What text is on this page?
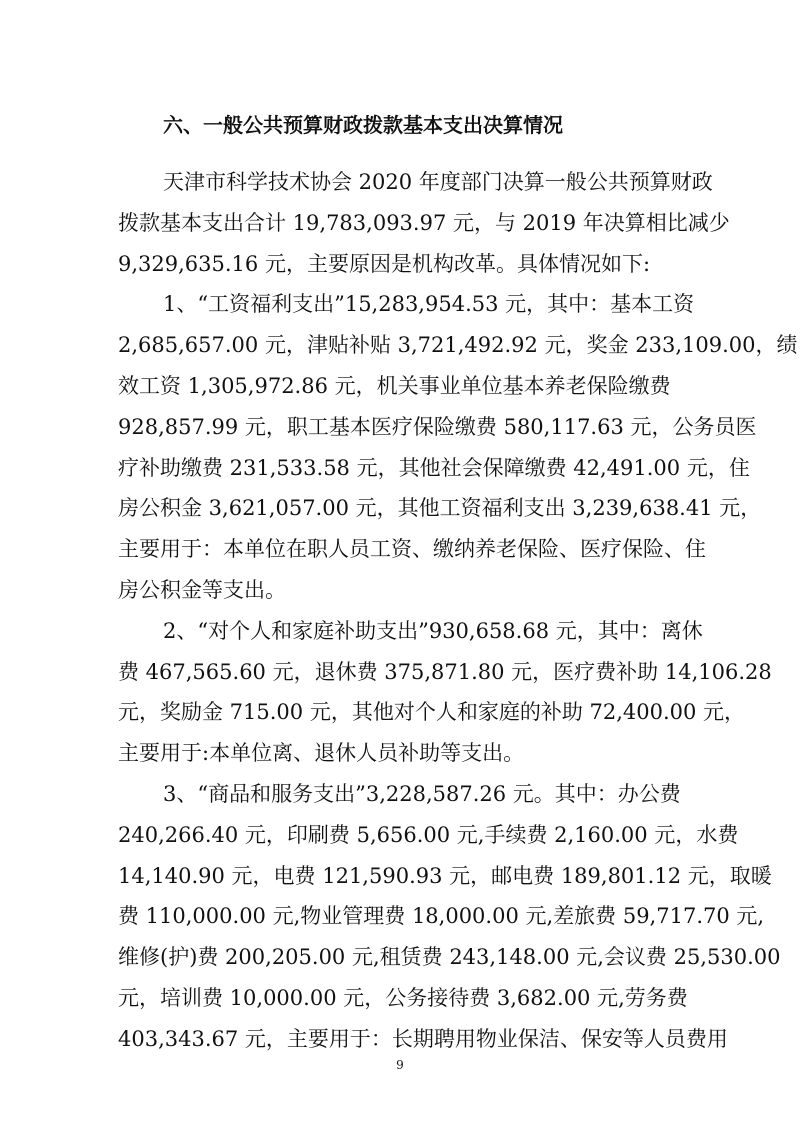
六、一般公共预算财政拨款基本支出决算情况
天津市科学技术协会 2020 年度部门决算一般公共预算财政
拨款基本支出合计 19,783,093.97 元，与 2019 年决算相比减少
9,329,635.16 元，主要原因是机构改革。具体情况如下:
1、“工资福利支出”15,283,954.53 元，其中：基本工资
2,685,657.00 元，津贴补贴 3,721,492.92 元，奖金 233,109.00，绩
效工资 1,305,972.86 元，机关事业单位基本养老保险缴费
928,857.99 元，职工基本医疗保险缴费 580,117.63 元，公务员医
疗补助缴费 231,533.58 元，其他社会保障缴费 42,491.00 元，住
房公积金 3,621,057.00 元，其他工资福利支出 3,239,638.41 元，
主要用于：本单位在职人员工资、缴纳养老保险、医疗保险、住
房公积金等支出。
2、“对个人和家庭补助支出”930,658.68 元，其中：离休
费 467,565.60 元，退休费 375,871.80 元，医疗费补助 14,106.28
元，奖励金 715.00 元，其他对个人和家庭的补助 72,400.00 元，
主要用于:本单位离、退休人员补助等支出。
3、“商品和服务支出”3,228,587.26 元。其中：办公费
240,266.40 元，印刷费 5,656.00 元,手续费 2,160.00 元，水费
14,140.90 元，电费 121,590.93 元，邮电费 189,801.12 元，取暖
费 110,000.00 元,物业管理费 18,000.00 元,差旅费 59,717.70 元,
维修(护)费 200,205.00 元,租赁费 243,148.00 元,会议费 25,530.00
元，培训费 10,000.00 元，公务接待费 3,682.00 元,劳务费
403,343.67 元，主要用于：长期聘用物业保洁、保安等人员费用
9
